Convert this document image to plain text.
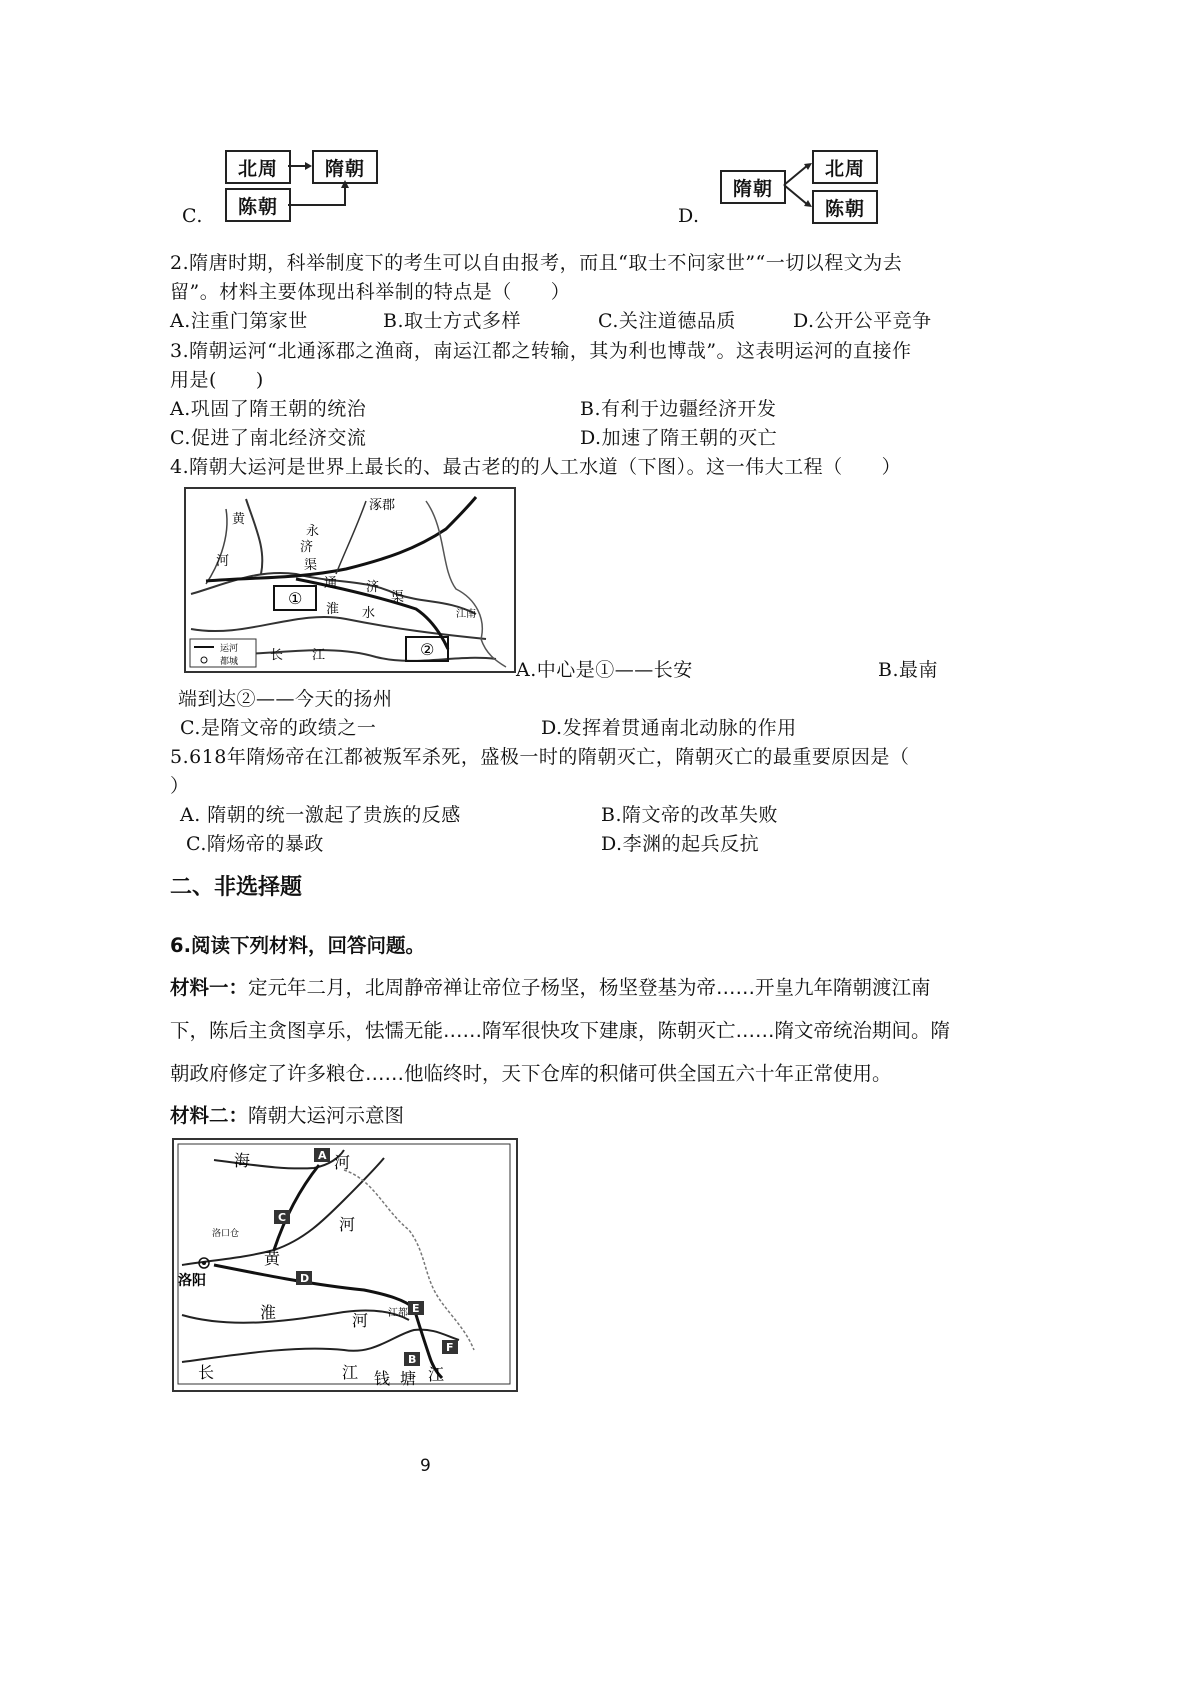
北周	隋朝
陈朝
C.
隋朝
北周
陈朝
D.
2.隋唐时期，科举制度下的考生可以自由报考，而且“取士不问家世”“一切以程文为去
留”。材料主要体现出科举制的特点是（　　）
A.注重门第家世	B.取士方式多样	C.关注道德品质	D.公开公平竞争
3.隋朝运河“北通涿郡之渔商，南运江都之转输，其为利也博哉”。这表明运河的直接作
用是(　　)
A.巩固了隋王朝的统治	B.有利于边疆经济开发
C.促进了南北经济交流	D.加速了隋王朝的灭亡
4.隋朝大运河是世界上最长的、最古老的的人工水道（下图）。这一伟大工程（　　）
①
②
涿郡
黄
河
永
济
渠
通 济
渠
淮 水
长 江
江南
运河
都城	A.中心是①——长安	B.最南
端到达②——今天的扬州
C.是隋文帝的政绩之一	D.发挥着贯通南北动脉的作用
5.618年隋炀帝在江都被叛军杀死，盛极一时的隋朝灭亡，隋朝灭亡的最重要原因是（
）
A. 隋朝的统一激起了贵族的反感	B.隋文帝的改革失败
C.隋炀帝的暴政	D.李渊的起兵反抗
二、非选择题
6.阅读下列材料，回答问题。
材料一：定元年二月，北周静帝禅让帝位子杨坚，杨坚登基为帝……开皇九年隋朝渡江南
下，陈后主贪图享乐，怯懦无能……隋军很快攻下建康，陈朝灭亡……隋文帝统治期间。隋
朝政府修定了许多粮仓……他临终时，天下仓库的积储可供全国五六十年正常使用。
材料二：隋朝大运河示意图
A
C
D
E
F
B
海	河
河
黄
洛阳
洛口仓
淮	河 江都
长	江 钱 塘 江
9
